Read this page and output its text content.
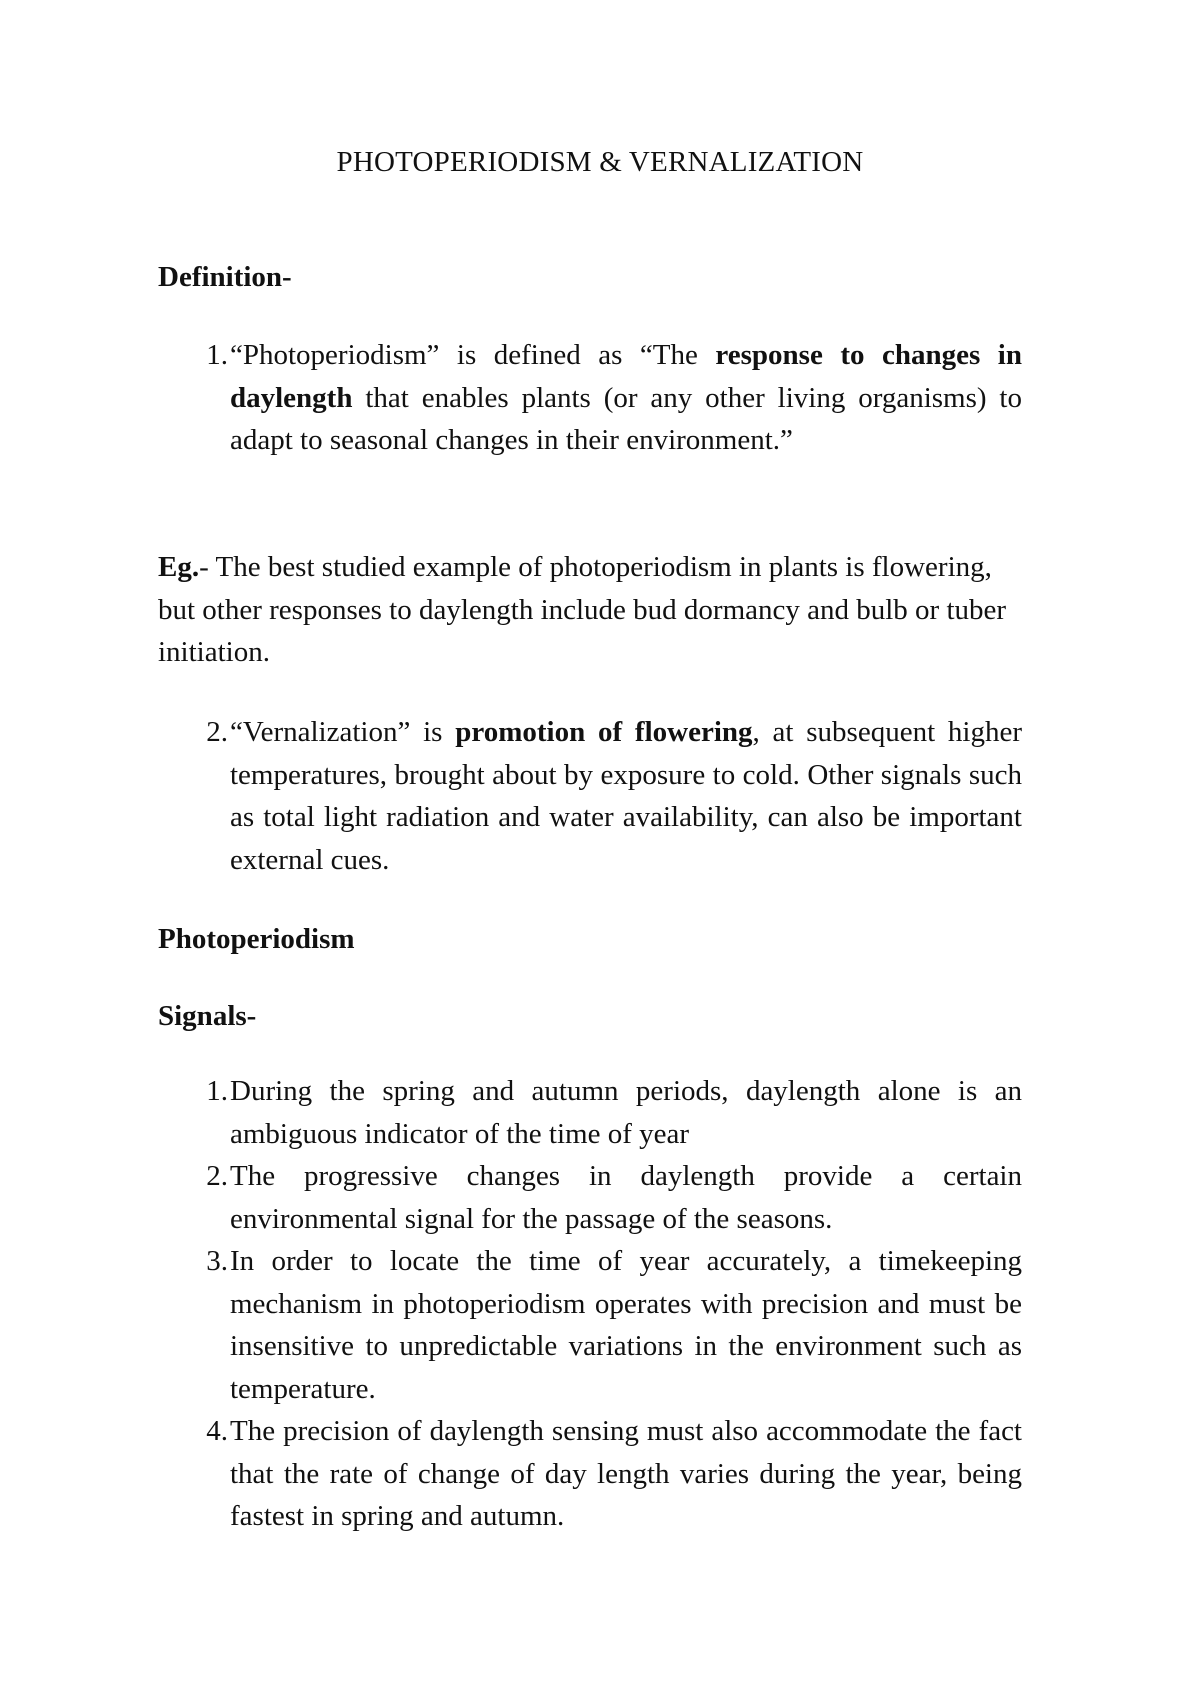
PHOTOPERIODISM & VERNALIZATION
Definition-
1. “Photoperiodism” is defined as “The response to changes in daylength that enables plants (or any other living organisms) to adapt to seasonal changes in their environment.”
Eg.- The best studied example of photoperiodism in plants is flowering, but other responses to daylength include bud dormancy and bulb or tuber initiation.
2. “Vernalization” is promotion of flowering, at subsequent higher temperatures, brought about by exposure to cold. Other signals such as total light radiation and water availability, can also be important external cues.
Photoperiodism
Signals-
1. During the spring and autumn periods, daylength alone is an ambiguous indicator of the time of year
2. The progressive changes in daylength provide a certain environmental signal for the passage of the seasons.
3. In order to locate the time of year accurately, a timekeeping mechanism in photoperiodism operates with precision and must be insensitive to unpredictable variations in the environment such as temperature.
4. The precision of daylength sensing must also accommodate the fact that the rate of change of day length varies during the year, being fastest in spring and autumn.
